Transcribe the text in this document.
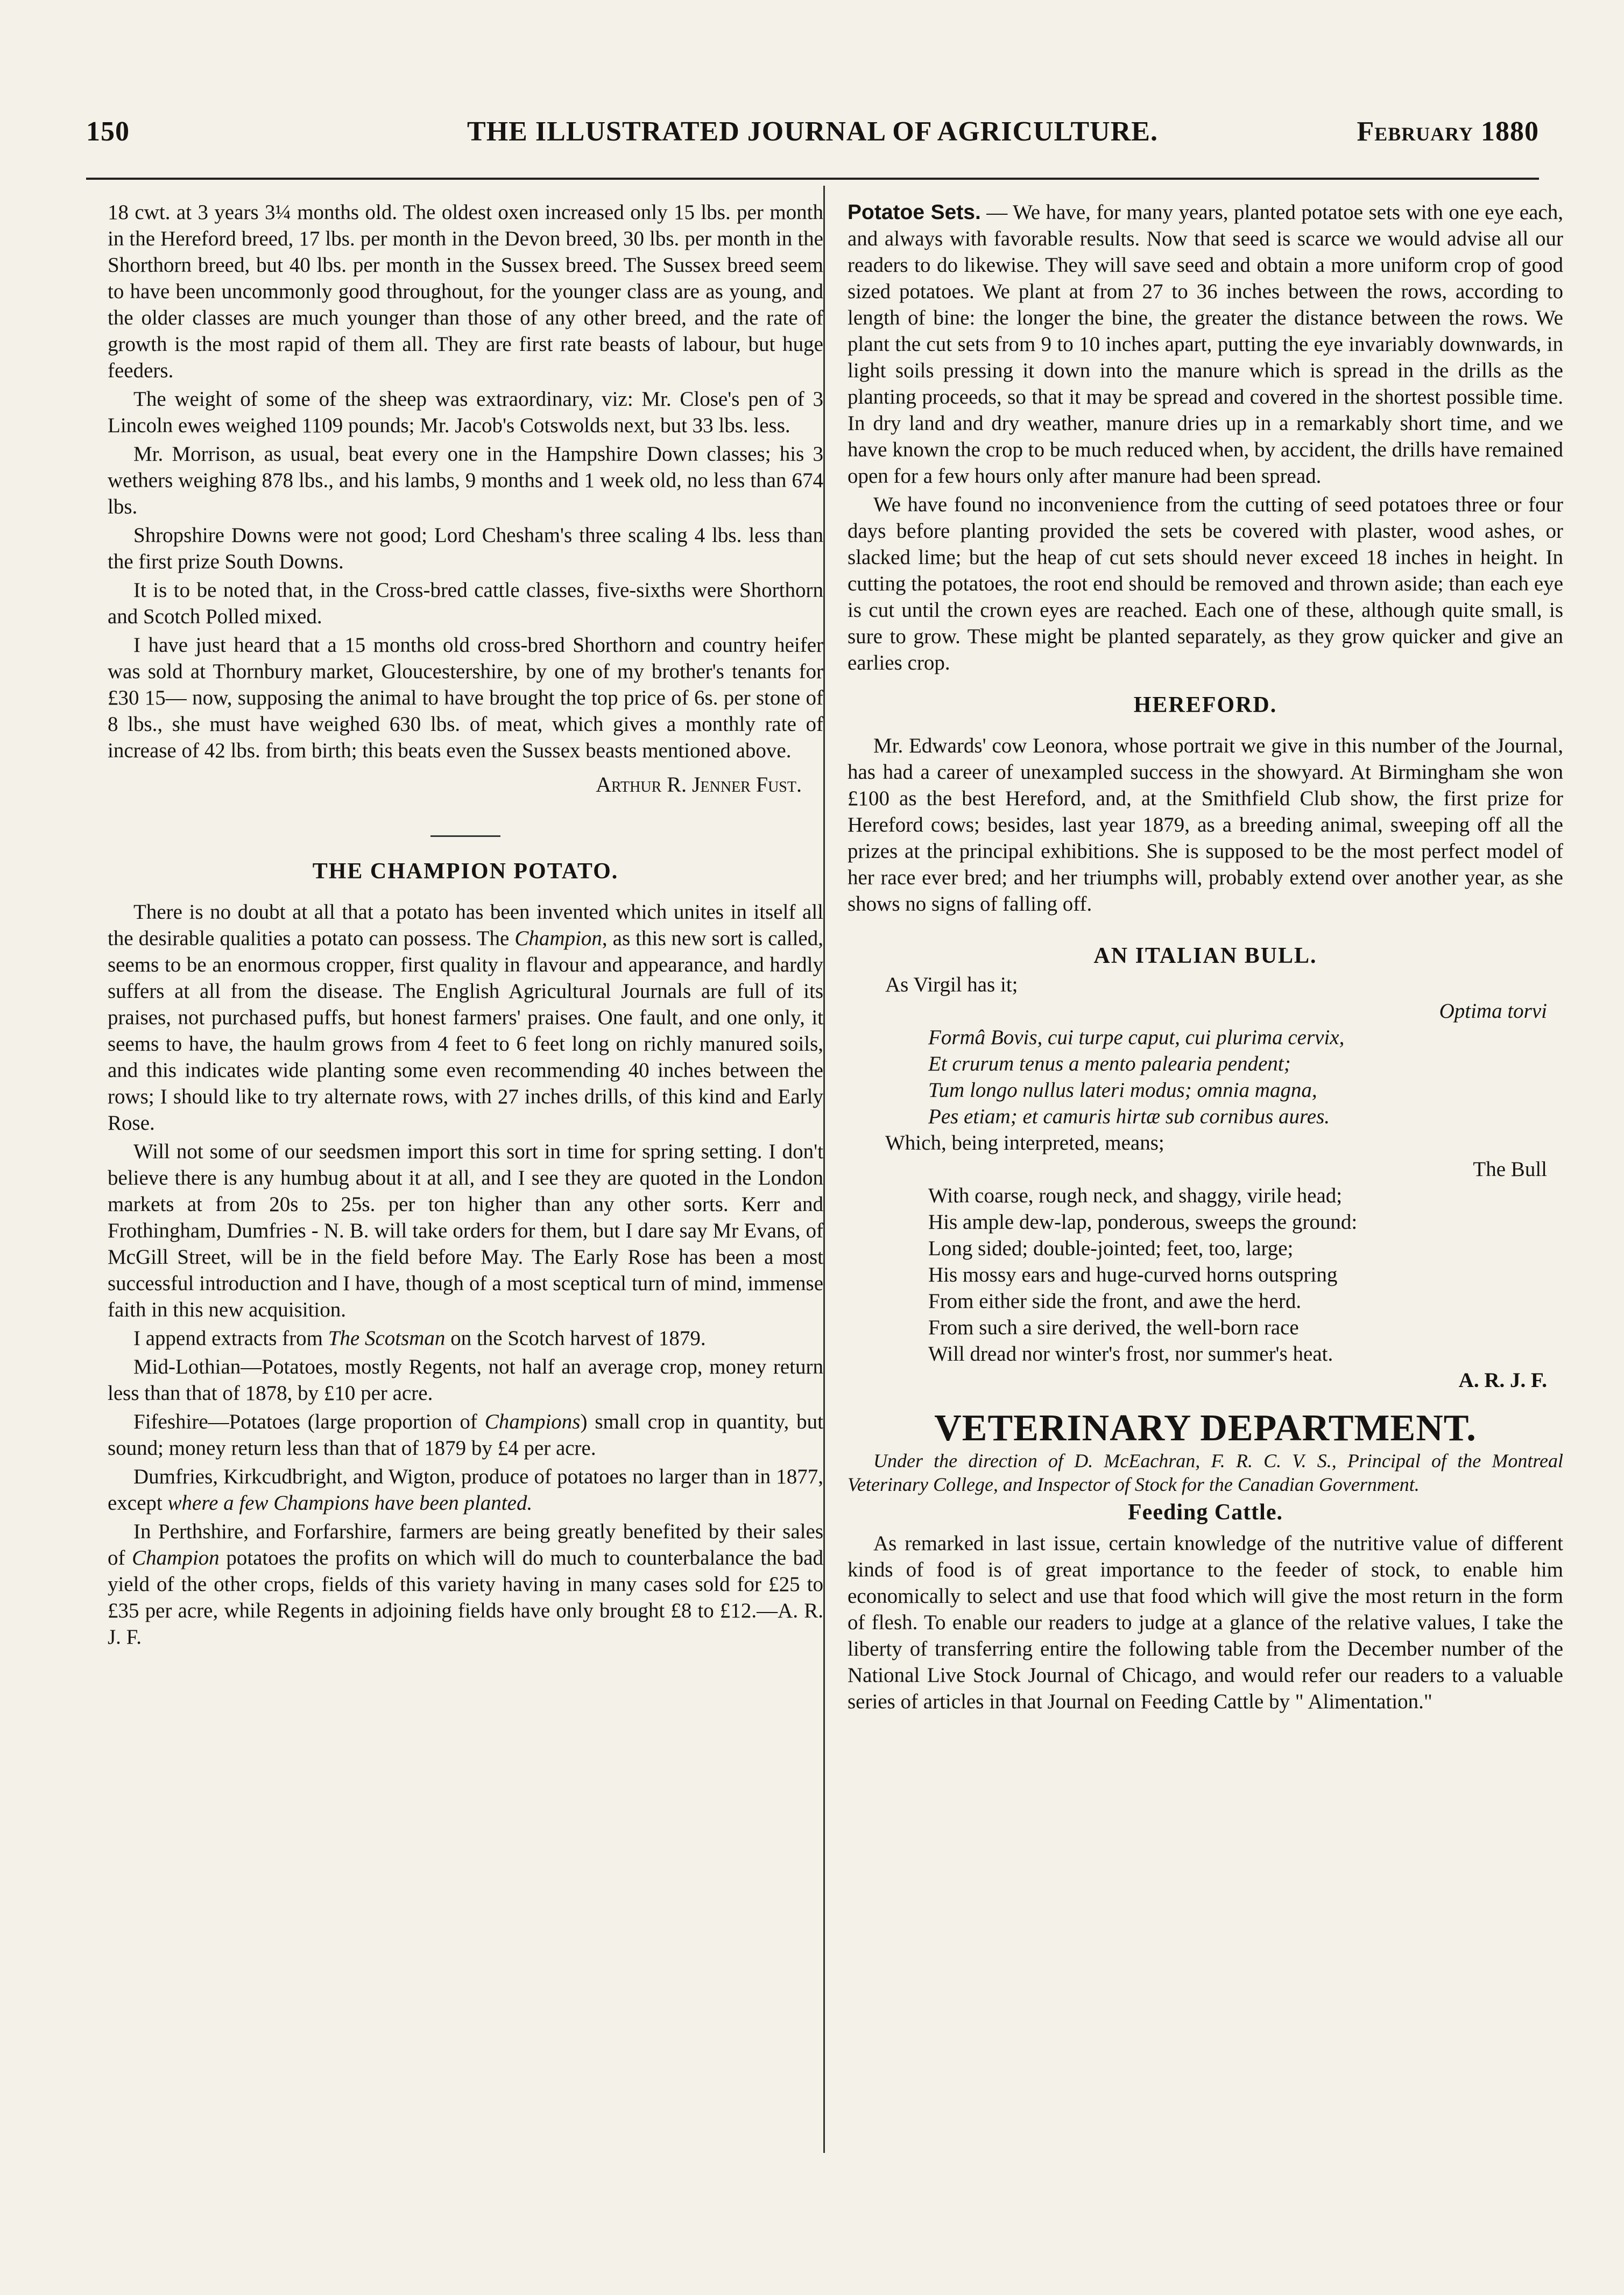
150	THE ILLUSTRATED JOURNAL OF AGRICULTURE.	February 1880

18 cwt. at 3 years 3¼ months old. The oldest oxen increased only 15 lbs. per month in the Hereford breed, 17 lbs. per month in the Devon breed, 30 lbs. per month in the Shorthorn breed, but 40 lbs. per month in the Sussex breed. The Sussex breed seem to have been uncommonly good throughout, for the younger class are as young, and the older classes are much younger than those of any other breed, and the rate of growth is the most rapid of them all. They are first rate beasts of labour, but huge feeders.

The weight of some of the sheep was extraordinary, viz: Mr. Close's pen of 3 Lincoln ewes weighed 1109 pounds; Mr. Jacob's Cotswolds next, but 33 lbs. less.

Mr. Morrison, as usual, beat every one in the Hampshire Down classes; his 3 wethers weighing 878 lbs., and his lambs, 9 months and 1 week old, no less than 674 lbs.

Shropshire Downs were not good; Lord Chesham's three scaling 4 lbs. less than the first prize South Downs.

It is to be noted that, in the Cross-bred cattle classes, five-sixths were Shorthorn and Scotch Polled mixed.

I have just heard that a 15 months old cross-bred Shorthorn and country heifer was sold at Thornbury market, Gloucestershire, by one of my brother's tenants for £30 15— now, supposing the animal to have brought the top price of 6s. per stone of 8 lbs., she must have weighed 630 lbs. of meat, which gives a monthly rate of increase of 42 lbs. from birth; this beats even the Sussex beasts mentioned above.

Arthur R. Jenner Fust.
THE CHAMPION POTATO.

There is no doubt at all that a potato has been invented which unites in itself all the desirable qualities a potato can possess. The Champion, as this new sort is called, seems to be an enormous cropper, first quality in flavour and appearance, and hardly suffers at all from the disease. The English Agricultural Journals are full of its praises, not purchased puffs, but honest farmers' praises. One fault, and one only, it seems to have, the haulm grows from 4 feet to 6 feet long on richly manured soils, and this indicates wide planting some even recommending 40 inches between the rows; I should like to try alternate rows, with 27 inches drills, of this kind and Early Rose.

Will not some of our seedsmen import this sort in time for spring setting. I don't believe there is any humbug about it at all, and I see they are quoted in the London markets at from 20s to 25s. per ton higher than any other sorts. Kerr and Frothingham, Dumfries - N. B. will take orders for them, but I dare say Mr Evans, of McGill Street, will be in the field before May. The Early Rose has been a most successful introduction and I have, though of a most sceptical turn of mind, immense faith in this new acquisition.

I append extracts from The Scotsman on the Scotch harvest of 1879.

Mid-Lothian—Potatoes, mostly Regents, not half an average crop, money return less than that of 1878, by £10 per acre.

Fifeshire—Potatoes (large proportion of Champions) small crop in quantity, but sound; money return less than that of 1879 by £4 per acre.

Dumfries, Kirkcudbright, and Wigton, produce of potatoes no larger than in 1877, except where a few Champions have been planted.

In Perthshire, and Forfarshire, farmers are being greatly benefited by their sales of Champion potatoes the profits on which will do much to counterbalance the bad yield of the other crops, fields of this variety having in many cases sold for £25 to £35 per acre, while Regents in adjoining fields have only brought £8 to £12.—A. R. J. F.

Potatoe Sets. — We have, for many years, planted potatoe sets with one eye each, and always with favorable results. Now that seed is scarce we would advise all our readers to do likewise. They will save seed and obtain a more uniform crop of good sized potatoes. We plant at from 27 to 36 inches between the rows, according to length of bine: the longer the bine, the greater the distance between the rows. We plant the cut sets from 9 to 10 inches apart, putting the eye invariably downwards, in light soils pressing it down into the manure which is spread in the drills as the planting proceeds, so that it may be spread and covered in the shortest possible time. In dry land and dry weather, manure dries up in a remarkably short time, and we have known the crop to be much reduced when, by accident, the drills have remained open for a few hours only after manure had been spread.

We have found no inconvenience from the cutting of seed potatoes three or four days before planting provided the sets be covered with plaster, wood ashes, or slacked lime; but the heap of cut sets should never exceed 18 inches in height. In cutting the potatoes, the root end should be removed and thrown aside; than each eye is cut until the crown eyes are reached. Each one of these, although quite small, is sure to grow. These might be planted separately, as they grow quicker and give an earlies crop.

HEREFORD.

Mr. Edwards' cow Leonora, whose portrait we give in this number of the Journal, has had a career of unexampled success in the showyard. At Birmingham she won £100 as the best Hereford, and, at the Smithfield Club show, the first prize for Hereford cows; besides, last year 1879, as a breeding animal, sweeping off all the prizes at the principal exhibitions. She is supposed to be the most perfect model of her race ever bred; and her triumphs will, probably extend over another year, as she shows no signs of falling off.

AN ITALIAN BULL.
As Virgil has it;
Optima torvi
Formâ Bovis, cui turpe caput, cui plurima cervix,
Et crurum tenus a mento palearia pendent;
Tum longo nullus lateri modus; omnia magna,
Pes etiam; et camuris hirtæ sub cornibus aures.
Which, being interpreted, means;
The Bull
With coarse, rough neck, and shaggy, virile head;
His ample dew-lap, ponderous, sweeps the ground:
Long sided; double-jointed; feet, too, large;
His mossy ears and huge-curved horns outspring
From either side the front, and awe the herd.
From such a sire derived, the well-born race
Will dread nor winter's frost, nor summer's heat.
A. R. J. F.
VETERINARY DEPARTMENT.

Under the direction of D. McEachran, F. R. C. V. S., Principal of the Montreal Veterinary College, and Inspector of Stock for the Canadian Government.

Feeding Cattle.

As remarked in last issue, certain knowledge of the nutritive value of different kinds of food is of great importance to the feeder of stock, to enable him economically to select and use that food which will give the most return in the form of flesh. To enable our readers to judge at a glance of the relative values, I take the liberty of transferring entire the following table from the December number of the National Live Stock Journal of Chicago, and would refer our readers to a valuable series of articles in that Journal on Feeding Cattle by " Alimentation."
